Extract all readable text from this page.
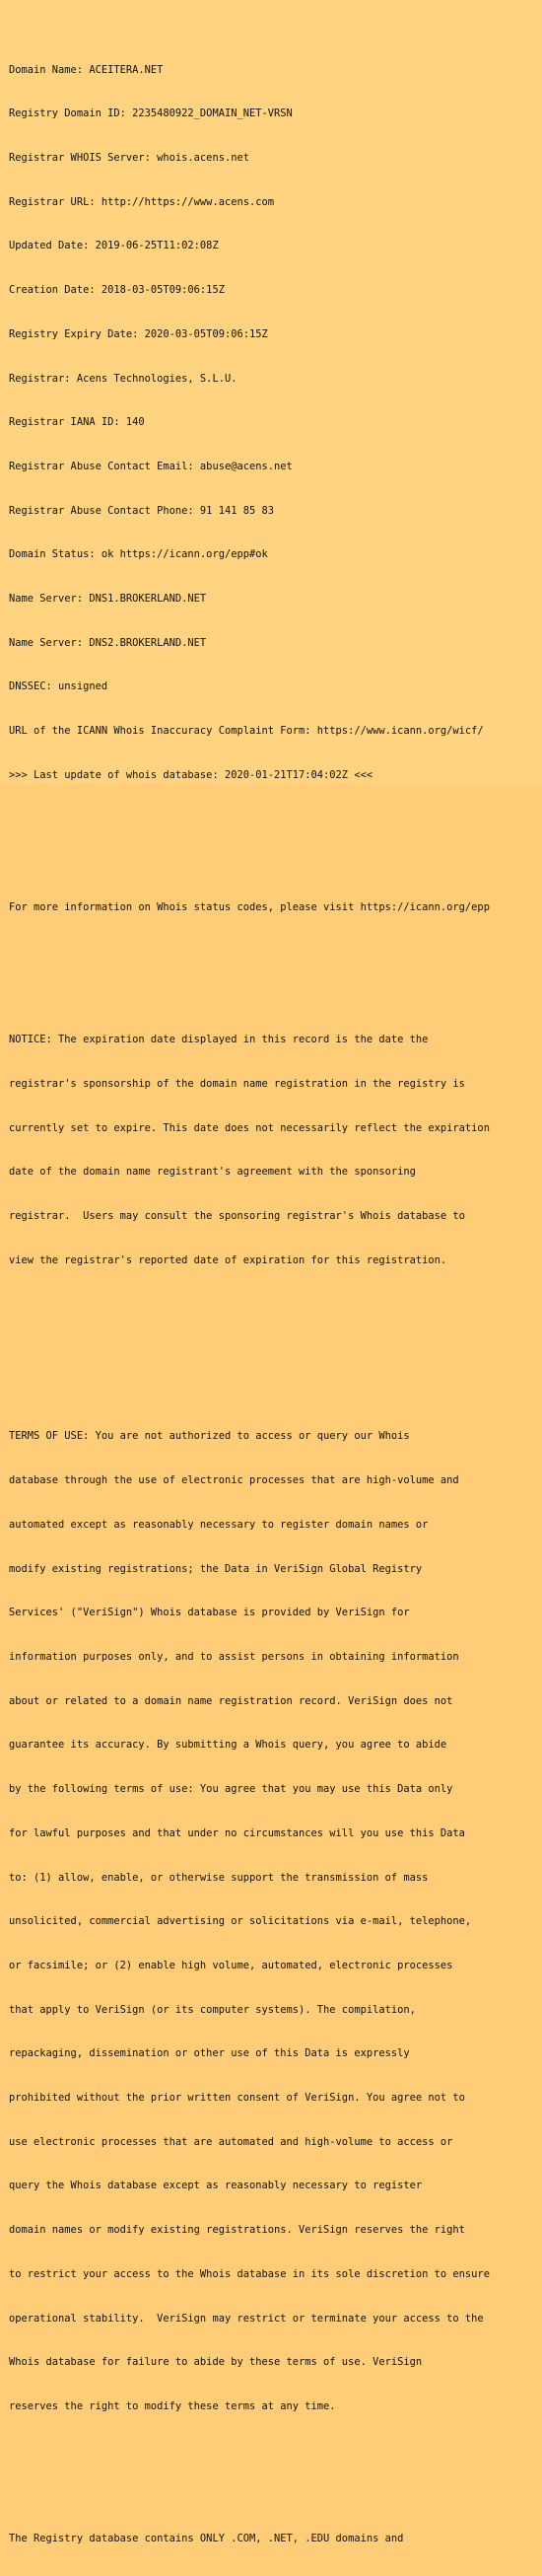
Domain Name: ACEITERA.NET

Registry Domain ID: 2235480922_DOMAIN_NET-VRSN

Registrar WHOIS Server: whois.acens.net

Registrar URL: http://https://www.acens.com

Updated Date: 2019-06-25T11:02:08Z

Creation Date: 2018-03-05T09:06:15Z

Registry Expiry Date: 2020-03-05T09:06:15Z

Registrar: Acens Technologies, S.L.U.

Registrar IANA ID: 140

Registrar Abuse Contact Email: abuse@acens.net

Registrar Abuse Contact Phone: 91 141 85 83

Domain Status: ok https://icann.org/epp#ok

Name Server: DNS1.BROKERLAND.NET

Name Server: DNS2.BROKERLAND.NET

DNSSEC: unsigned

URL of the ICANN Whois Inaccuracy Complaint Form: https://www.icann.org/wicf/

>>> Last update of whois database: 2020-01-21T17:04:02Z <<<

For more information on Whois status codes, please visit https://icann.org/epp

NOTICE: The expiration date displayed in this record is the date the

registrar's sponsorship of the domain name registration in the registry is

currently set to expire. This date does not necessarily reflect the expiration

date of the domain name registrant's agreement with the sponsoring

registrar.  Users may consult the sponsoring registrar's Whois database to

view the registrar's reported date of expiration for this registration.

TERMS OF USE: You are not authorized to access or query our Whois

database through the use of electronic processes that are high-volume and

automated except as reasonably necessary to register domain names or

modify existing registrations; the Data in VeriSign Global Registry

Services' ("VeriSign") Whois database is provided by VeriSign for

information purposes only, and to assist persons in obtaining information

about or related to a domain name registration record. VeriSign does not

guarantee its accuracy. By submitting a Whois query, you agree to abide

by the following terms of use: You agree that you may use this Data only

for lawful purposes and that under no circumstances will you use this Data

to: (1) allow, enable, or otherwise support the transmission of mass

unsolicited, commercial advertising or solicitations via e-mail, telephone,

or facsimile; or (2) enable high volume, automated, electronic processes

that apply to VeriSign (or its computer systems). The compilation,

repackaging, dissemination or other use of this Data is expressly

prohibited without the prior written consent of VeriSign. You agree not to

use electronic processes that are automated and high-volume to access or

query the Whois database except as reasonably necessary to register

domain names or modify existing registrations. VeriSign reserves the right

to restrict your access to the Whois database in its sole discretion to ensure

operational stability.  VeriSign may restrict or terminate your access to the

Whois database for failure to abide by these terms of use. VeriSign

reserves the right to modify these terms at any time.

The Registry database contains ONLY .COM, .NET, .EDU domains and
